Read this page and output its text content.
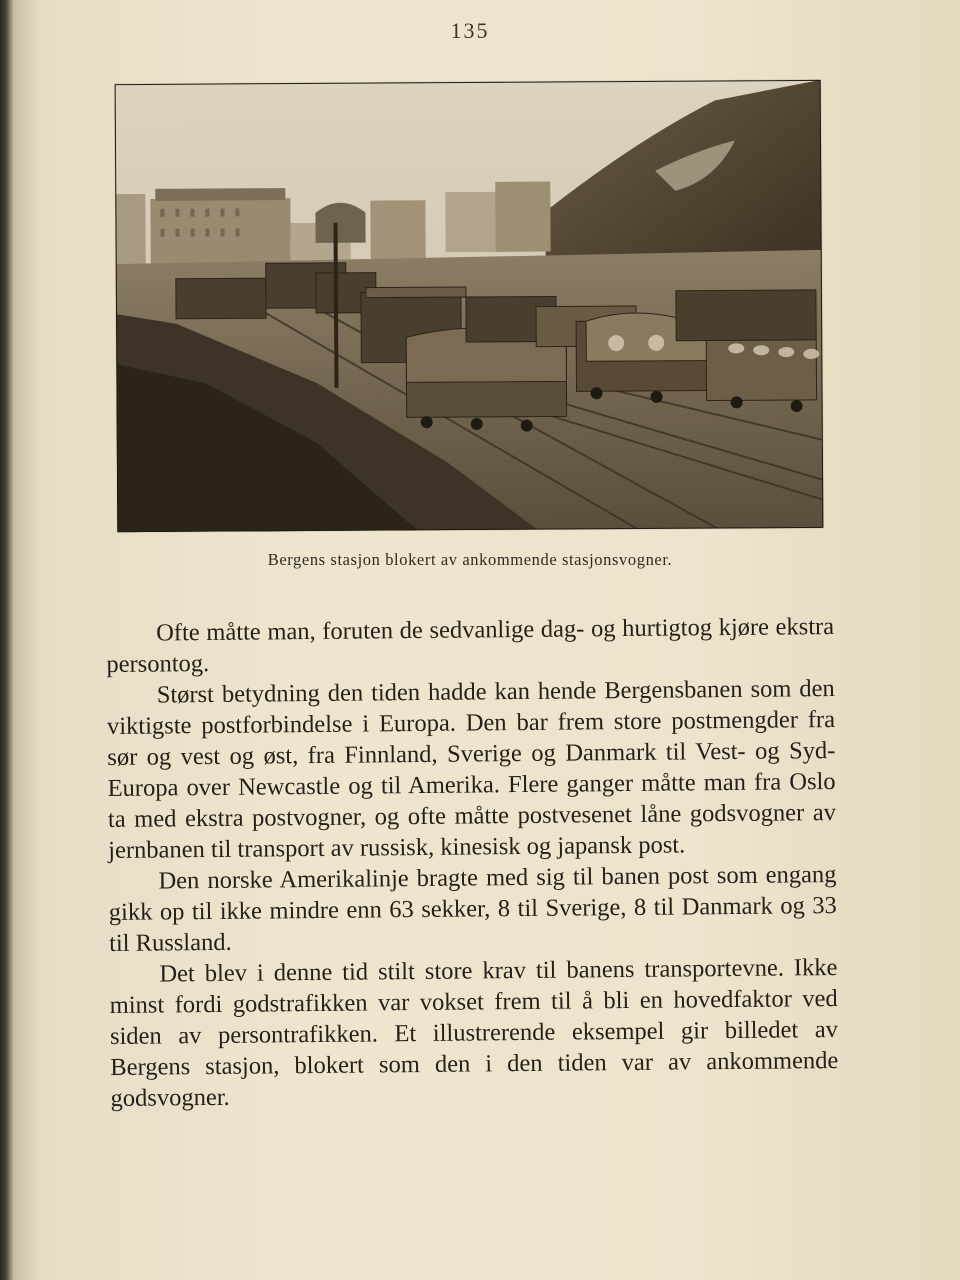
135
Bergens stasjon blokert av ankommende stasjonsvogner.

Ofte måtte man, foruten de sedvanlige dag- og hurtigtog kjøre ekstra persontog.

Størst betydning den tiden hadde kan hende Bergensbanen som den viktigste postforbindelse i Europa. Den bar frem store postmengder fra sør og vest og øst, fra Finnland, Sverige og Danmark til Vest- og Syd-Europa over Newcastle og til Amerika. Flere ganger måtte man fra Oslo ta med ekstra postvogner, og ofte måtte postvesenet låne godsvogner av jernbanen til transport av russisk, kinesisk og japansk post.

Den norske Amerikalinje bragte med sig til banen post som engang gikk op til ikke mindre enn 63 sekker, 8 til Sverige, 8 til Danmark og 33 til Russland.

Det blev i denne tid stilt store krav til banens transportevne. Ikke minst fordi godstrafikken var vokset frem til å bli en hovedfaktor ved siden av persontrafikken. Et illustrerende eksempel gir billedet av Bergens stasjon, blokert som den i den tiden var av ankommende godsvogner.
